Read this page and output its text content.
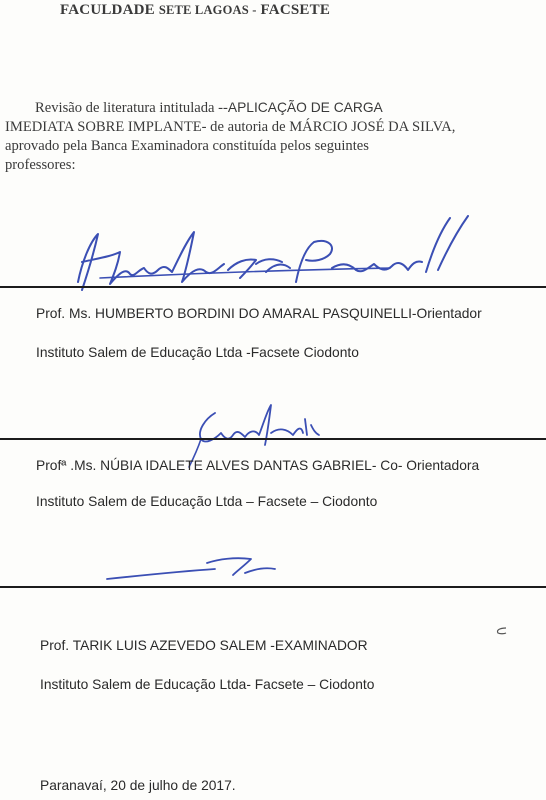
FACULDADE SETE LAGOAS - FACSETE

Revisão de literatura intitulada --APLICAÇÃO DE CARGA

IMEDIATA SOBRE IMPLANTE- de autoria de MÁRCIO JOSÉ DA SILVA,

aprovado pela Banca Examinadora constituída pelos seguintes

professores:

Prof. Ms. HUMBERTO BORDINI DO AMARAL PASQUINELLI-Orientador
Instituto Salem de Educação Ltda -Facsete Ciodonto
Profª .Ms. NÚBIA IDALETE ALVES DANTAS GABRIEL- Co- Orientadora
Instituto Salem de Educação Ltda – Facsete – Ciodonto
Prof. TARIK LUIS AZEVEDO SALEM -EXAMINADOR
Instituto Salem de Educação Ltda- Facsete – Ciodonto
Paranavaí, 20 de julho de 2017.
